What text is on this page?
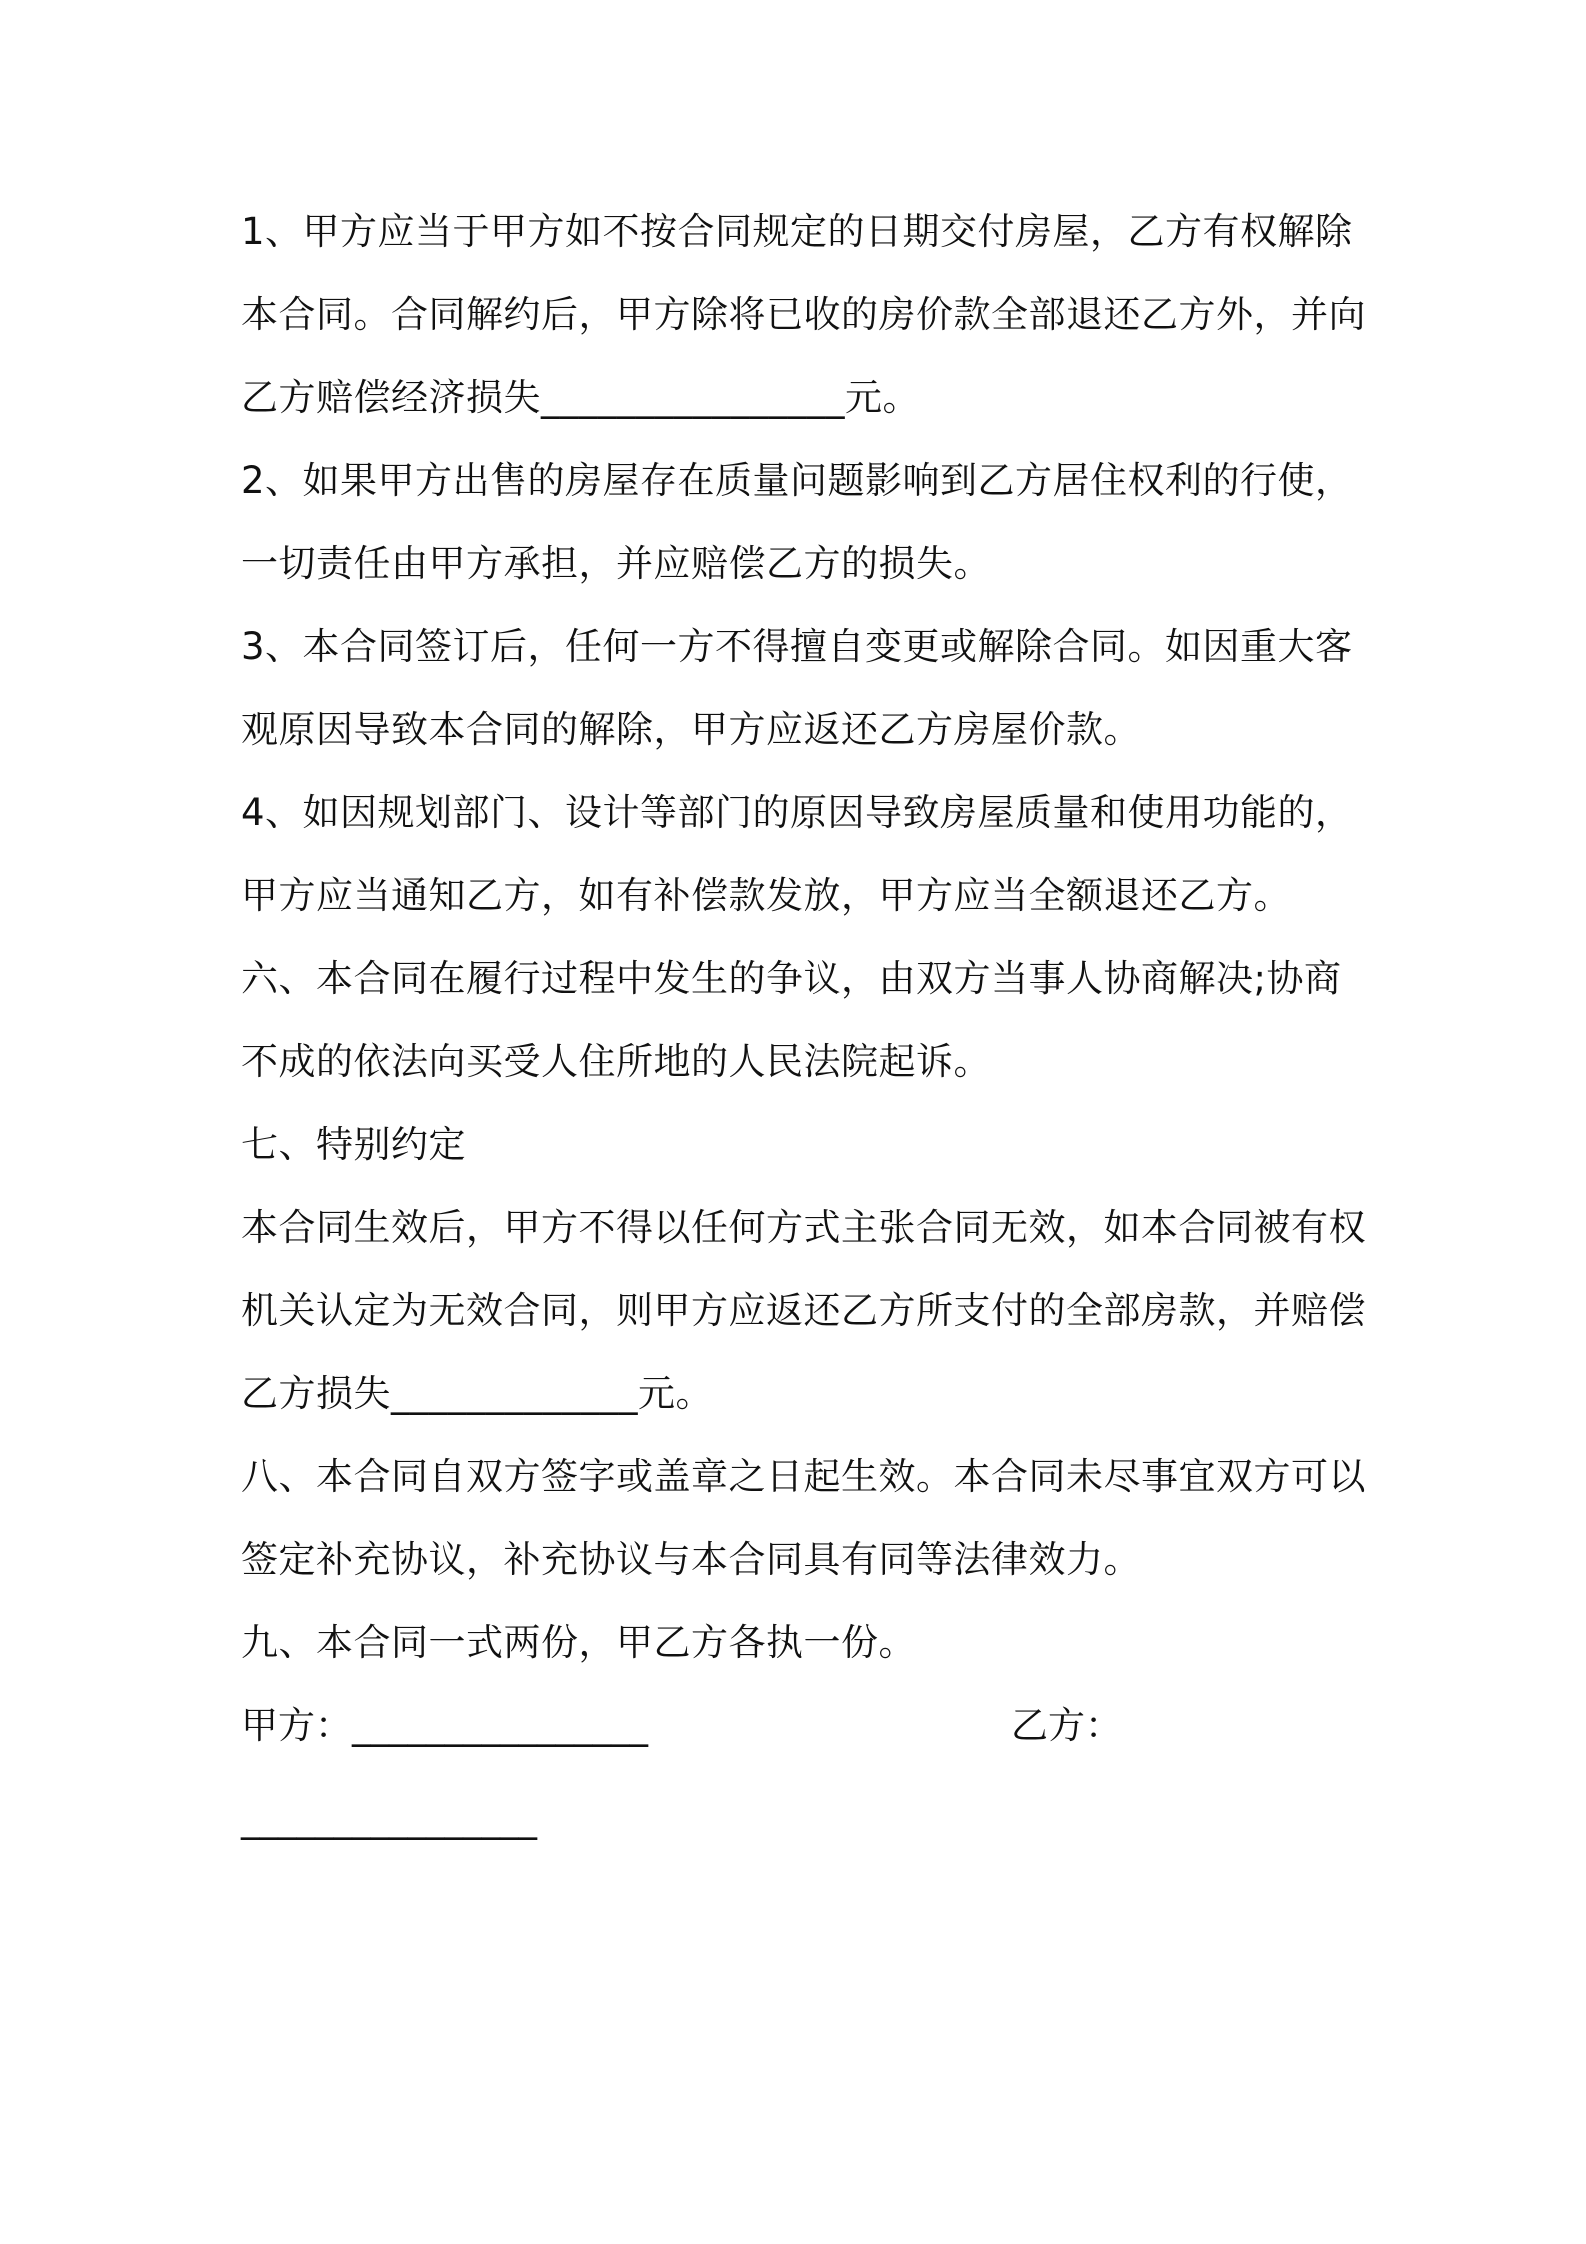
1、甲方应当于甲方如不按合同规定的日期交付房屋，乙方有权解除
本合同。合同解约后，甲方除将已收的房价款全部退还乙方外，并向
乙方赔偿经济损失________________元。
2、如果甲方出售的房屋存在质量问题影响到乙方居住权利的行使，
一切责任由甲方承担，并应赔偿乙方的损失。
3、本合同签订后，任何一方不得擅自变更或解除合同。如因重大客
观原因导致本合同的解除，甲方应返还乙方房屋价款。
4、如因规划部门、设计等部门的原因导致房屋质量和使用功能的，
甲方应当通知乙方，如有补偿款发放，甲方应当全额退还乙方。
六、本合同在履行过程中发生的争议，由双方当事人协商解决;协商
不成的依法向买受人住所地的人民法院起诉。
七、特别约定
本合同生效后，甲方不得以任何方式主张合同无效，如本合同被有权
机关认定为无效合同，则甲方应返还乙方所支付的全部房款，并赔偿
乙方损失_____________元。
八、本合同自双方签字或盖章之日起生效。本合同未尽事宜双方可以
签定补充协议，补充协议与本合同具有同等法律效力。
九、本合同一式两份，甲乙方各执一份。
甲方：________________	乙方：
________________
